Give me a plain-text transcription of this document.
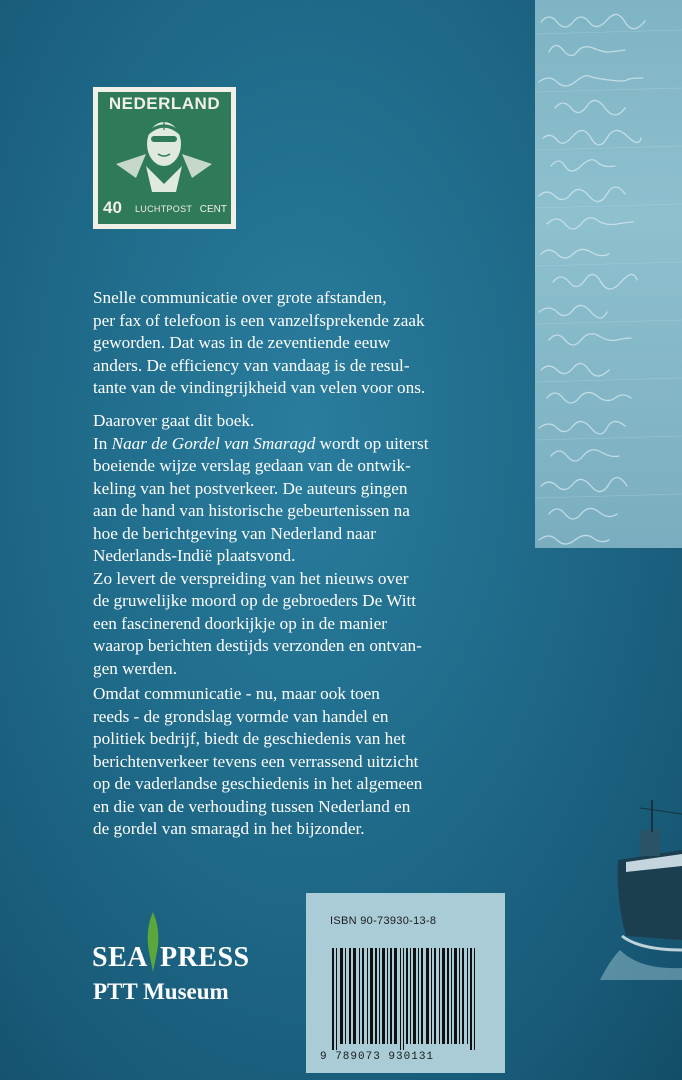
NEDERLAND
40 LUCHTPOST CENT
Snelle communicatie over grote afstanden,
per fax of telefoon is een vanzelfsprekende zaak
geworden. Dat was in de zeventiende eeuw
anders. De efficiency van vandaag is de resul-
tante van de vindingrijkheid van velen voor ons.
Daarover gaat dit boek.
In Naar de Gordel van Smaragd wordt op uiterst
boeiende wijze verslag gedaan van de ontwik-
keling van het postverkeer. De auteurs gingen
aan de hand van historische gebeurtenissen na
hoe de berichtgeving van Nederland naar
Nederlands-Indië plaatsvond.
Zo levert de verspreiding van het nieuws over
de gruwelijke moord op de gebroeders De Witt
een fascinerend doorkijkje op in de manier
waarop berichten destijds verzonden en ontvan-
gen werden.
Omdat communicatie - nu, maar ook toen
reeds - de grondslag vormde van handel en
politiek bedrijf, biedt de geschiedenis van het
berichtenverkeer tevens een verrassend uitzicht
op de vaderlandse geschiedenis in het algemeen
en die van de verhouding tussen Nederland en
de gordel van smaragd in het bijzonder.
SEA PRESS
PTT Museum
ISBN 90-73930-13-8
9 789073 930131
